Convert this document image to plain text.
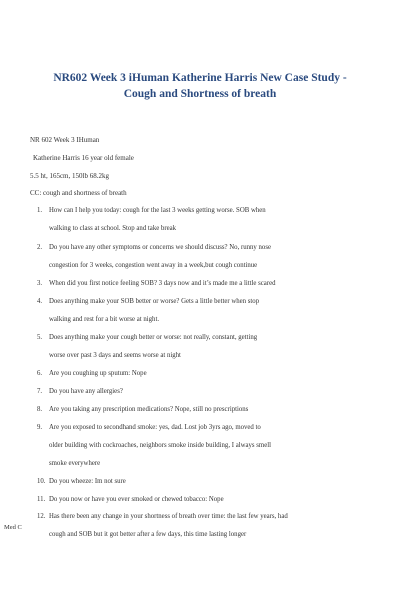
NR602 Week 3 iHuman Katherine Harris New Case Study -
Cough and Shortness of breath
NR 602 Week 3 IHuman
Katherine Harris 16 year old female
5.5 ht, 165cm, 150lb 68.2kg
CC: cough and shortness of breath
1. How can I help you today: cough for the last 3 weeks getting worse. SOB when
walking to class at school. Stop and take break
2. Do you have any other symptoms or concerns we should discuss? No, runny nose
congestion for 3 weeks, congestion went away in a week,but cough continue
3. When did you first notice feeling SOB? 3 days now and it’s made me a little scared
4. Does anything make your SOB better or worse? Gets a little better when stop
walking and rest for a bit worse at night.
5. Does anything make your cough better or worse: not really, constant, getting
worse over past 3 days and seems worse at night
6. Are you coughing up sputum: Nope
7. Do you have any allergies?
8. Are you taking any prescription medications? Nope, still no prescriptions
9. Are you exposed to secondhand smoke: yes, dad. Lost job 3yrs ago, moved to
older building with cockroaches, neighbors smoke inside building, I always smell
smoke everywhere
10. Do you wheeze: Im not sure
11. Do you now or have you ever smoked or chewed tobacco: Nope
12. Has there been any change in your shortness of breath over time: the last few years, had
cough and SOB but it got better after a few days, this time lasting longer
Med C
